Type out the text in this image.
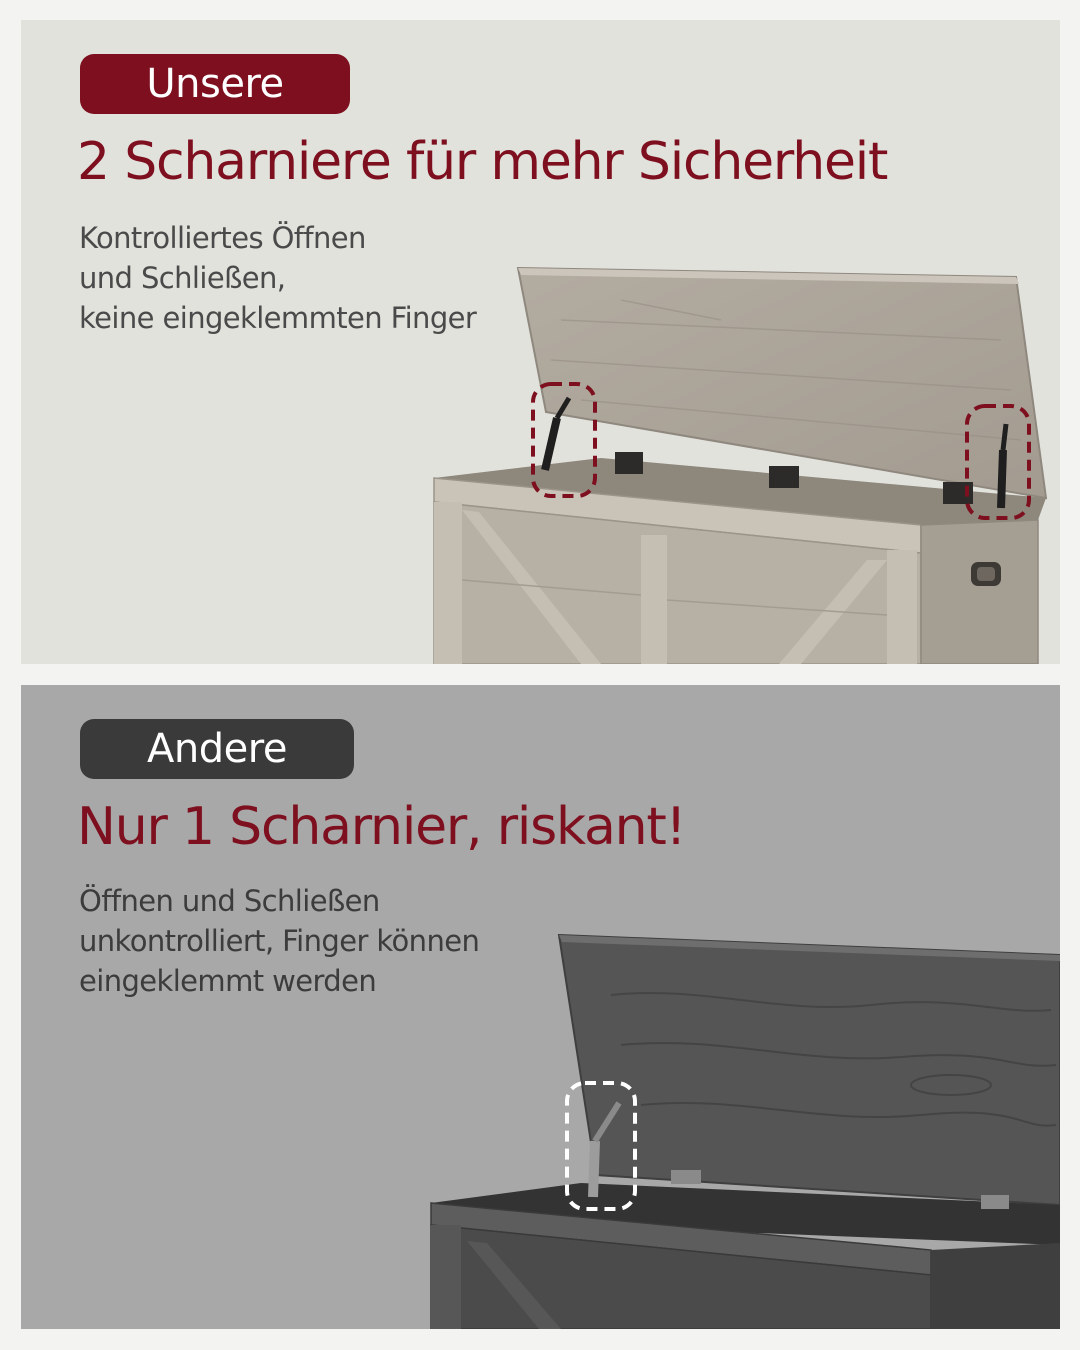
Unsere
2 Scharniere für mehr Sicherheit

Kontrolliertes Öffnen
und Schließen,
keine eingeklemmten Finger

Andere
Nur 1 Scharnier, riskant!

Öffnen und Schließen
unkontrolliert, Finger können
eingeklemmt werden
